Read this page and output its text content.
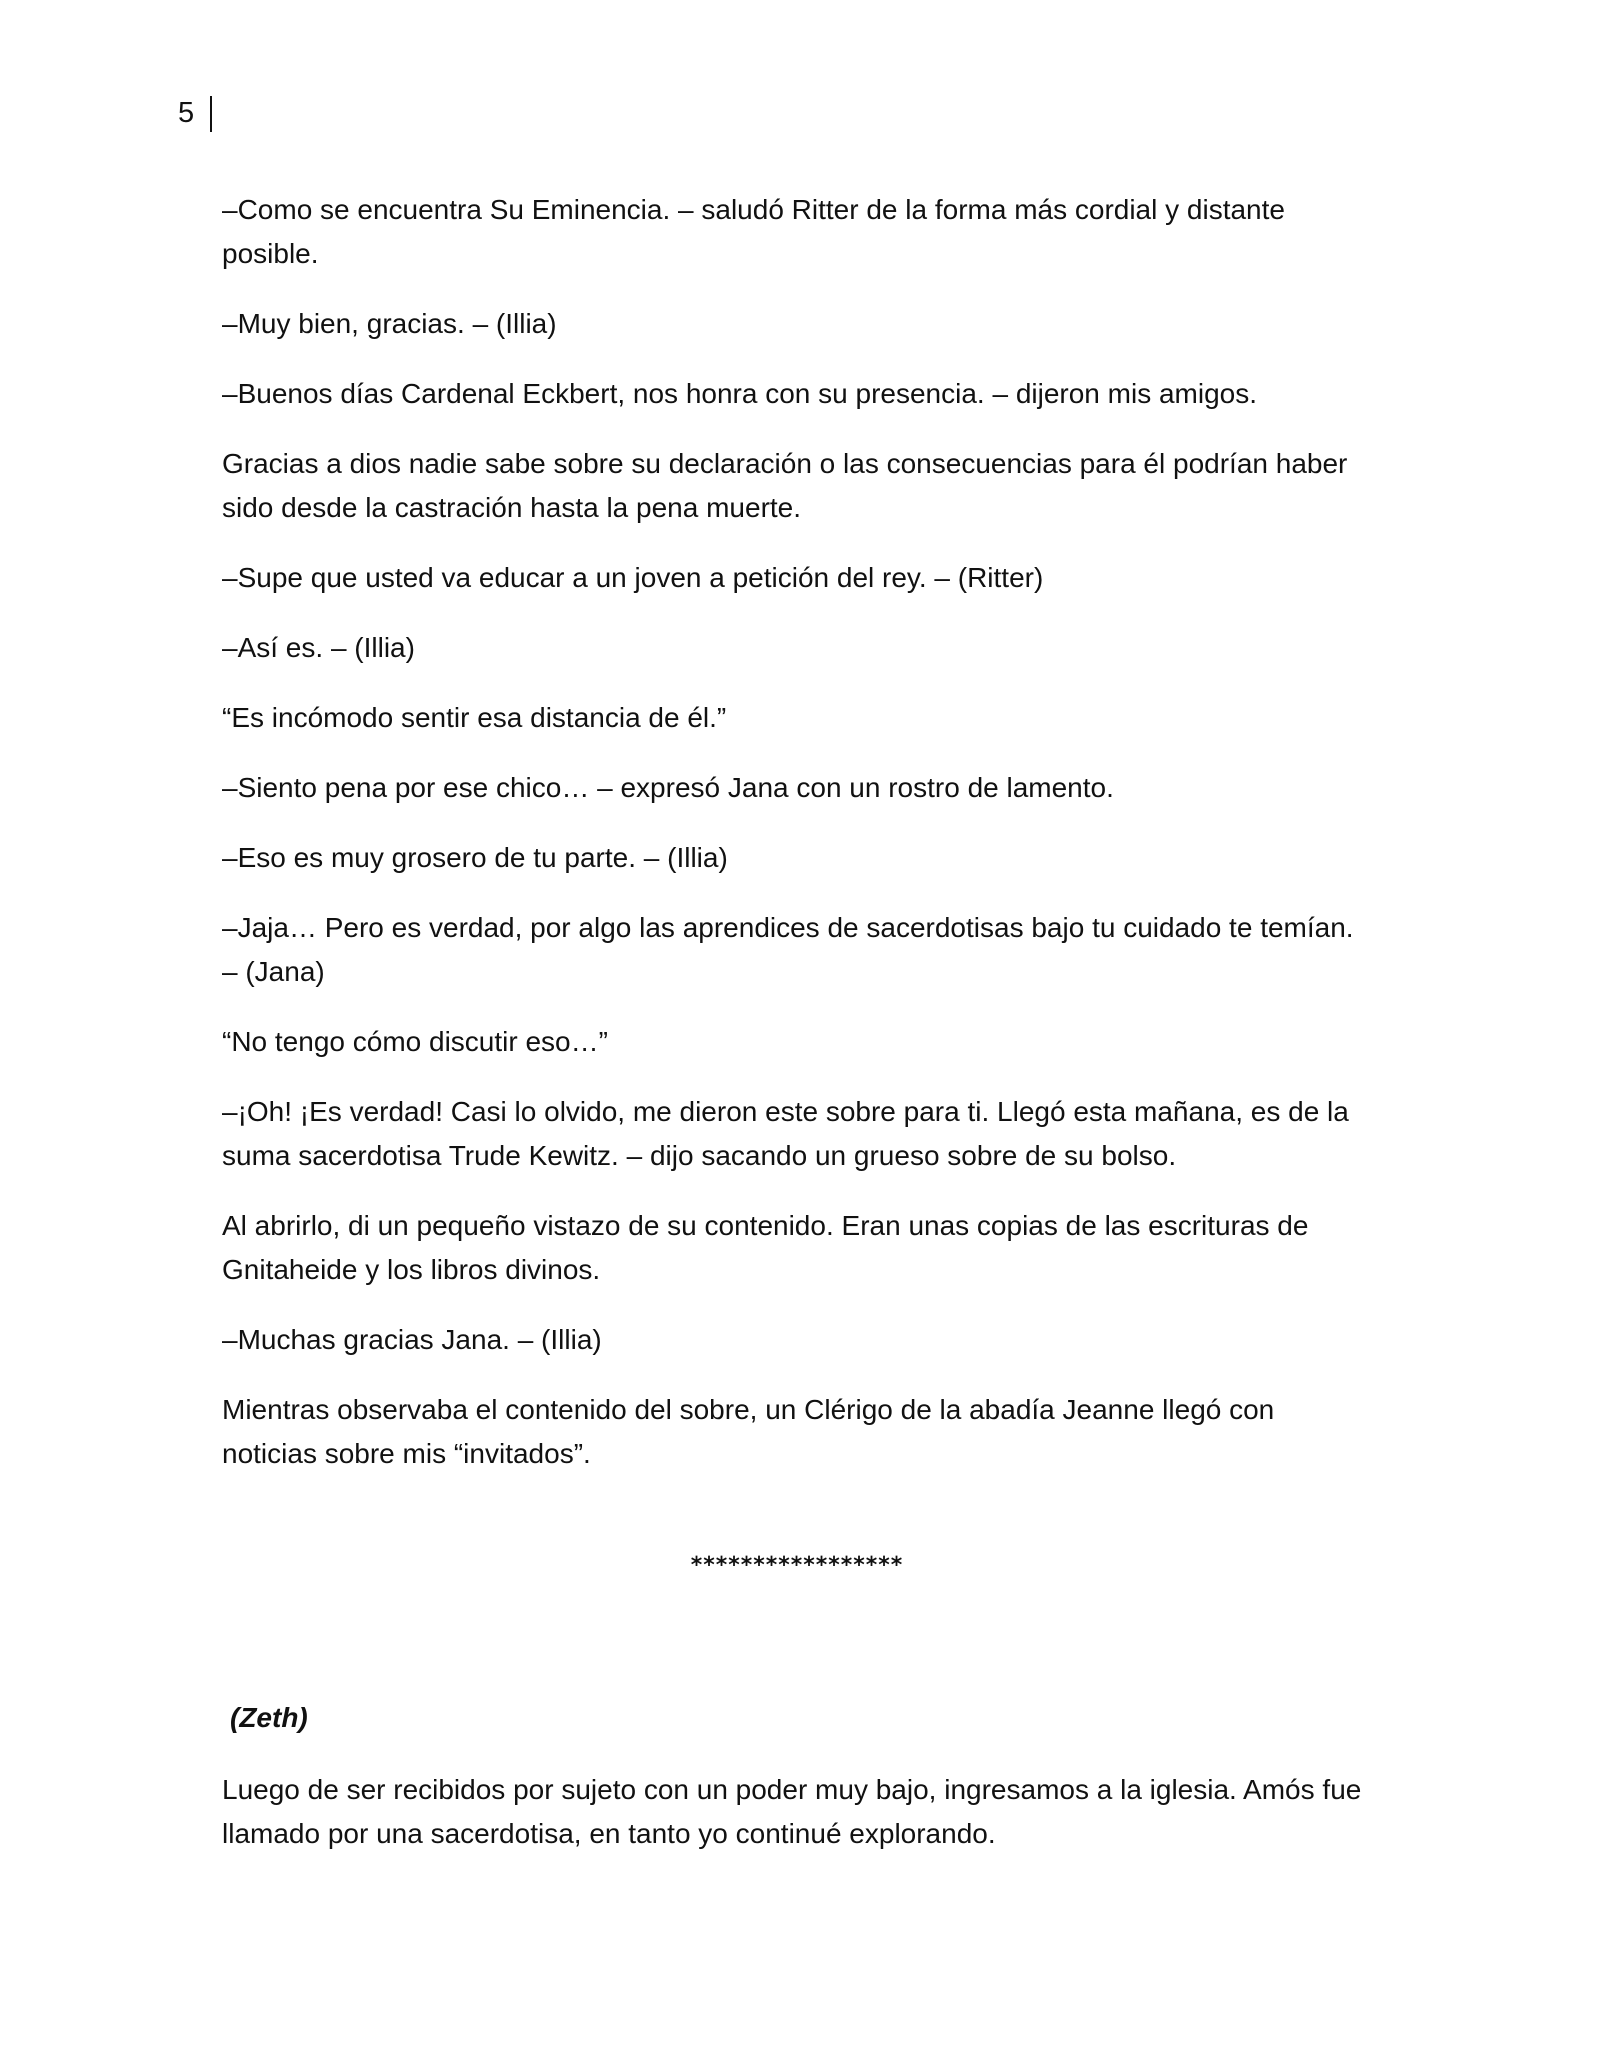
5

–Como se encuentra Su Eminencia. – saludó Ritter de la forma más cordial y distante posible.

–Muy bien, gracias. – (Illia)

–Buenos días Cardenal Eckbert, nos honra con su presencia. – dijeron mis amigos.

Gracias a dios nadie sabe sobre su declaración o las consecuencias para él podrían haber sido desde la castración hasta la pena muerte.

–Supe que usted va educar a un joven a petición del rey. – (Ritter)

–Así es. – (Illia)

“Es incómodo sentir esa distancia de él.”

–Siento pena por ese chico… – expresó Jana con un rostro de lamento.

–Eso es muy grosero de tu parte. – (Illia)

–Jaja… Pero es verdad, por algo las aprendices de sacerdotisas bajo tu cuidado te temían. – (Jana)

“No tengo cómo discutir eso…”

–¡Oh! ¡Es verdad! Casi lo olvido, me dieron este sobre para ti. Llegó esta mañana, es de la suma sacerdotisa Trude Kewitz. – dijo sacando un grueso sobre de su bolso.

Al abrirlo, di un pequeño vistazo de su contenido. Eran unas copias de las escrituras de Gnitaheide y los libros divinos.

–Muchas gracias Jana. – (Illia)

Mientras observaba el contenido del sobre, un Clérigo de la abadía Jeanne llegó con noticias sobre mis “invitados”.

*****************

(Zeth)

Luego de ser recibidos por sujeto con un poder muy bajo, ingresamos a la iglesia. Amós fue llamado por una sacerdotisa, en tanto yo continué explorando.
